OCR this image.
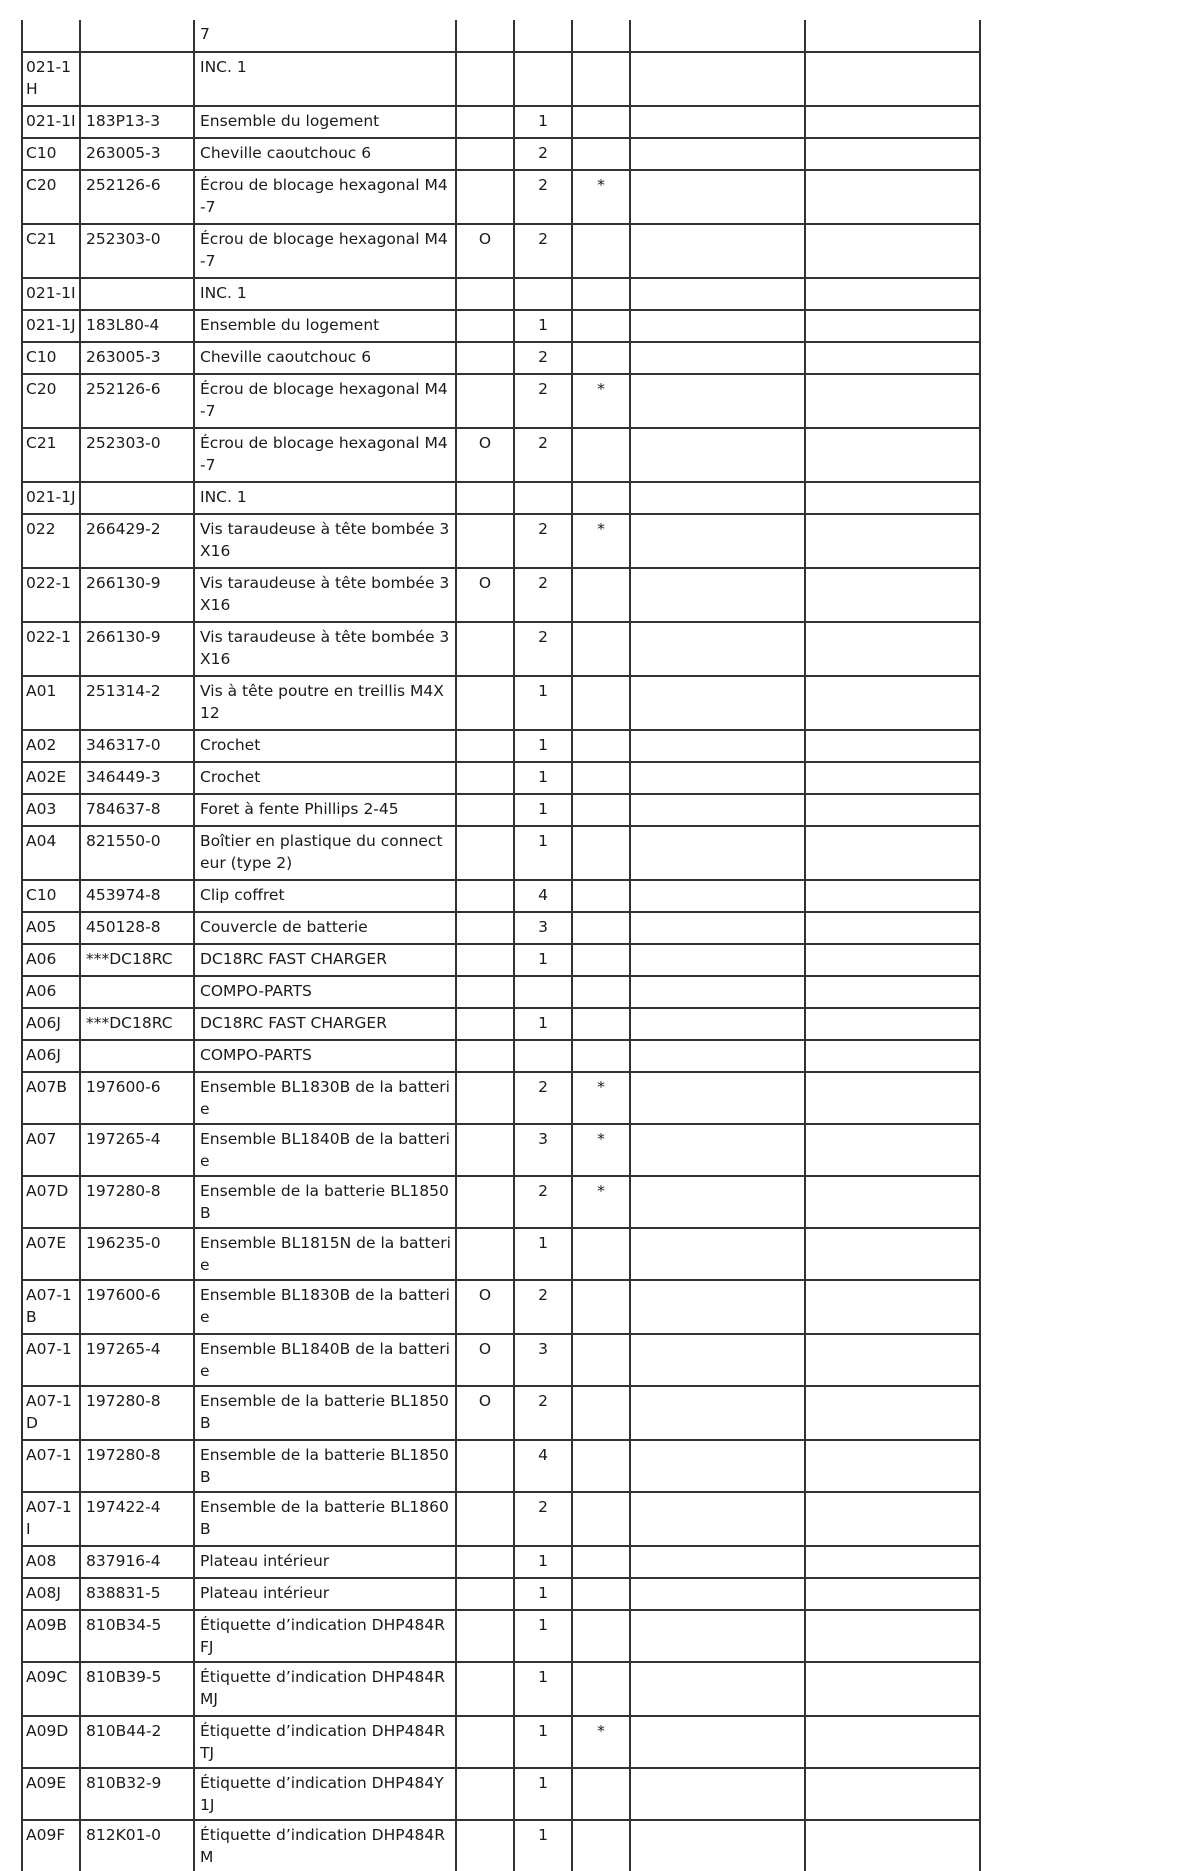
		7					
021-1H		INC. 1					
021-1I	183P13-3	Ensemble du logement		1			
C10	263005-3	Cheville caoutchouc 6		2			
C20	252126-6	Écrou de blocage hexagonal M4-7		2	*		
C21	252303-0	Écrou de blocage hexagonal M4-7	O	2			
021-1I		INC. 1					
021-1J	183L80-4	Ensemble du logement		1			
C10	263005-3	Cheville caoutchouc 6		2			
C20	252126-6	Écrou de blocage hexagonal M4-7		2	*		
C21	252303-0	Écrou de blocage hexagonal M4-7	O	2			
021-1J		INC. 1					
022	266429-2	Vis taraudeuse à tête bombée 3X16		2	*		
022-1	266130-9	Vis taraudeuse à tête bombée 3X16	O	2			
022-1	266130-9	Vis taraudeuse à tête bombée 3X16		2			
A01	251314-2	Vis à tête poutre en treillis M4X12		1			
A02	346317-0	Crochet		1			
A02E	346449-3	Crochet		1			
A03	784637-8	Foret à fente Phillips 2-45		1			
A04	821550-0	Boîtier en plastique du connecteur (type 2)		1			
C10	453974-8	Clip coffret		4			
A05	450128-8	Couvercle de batterie		3			
A06	***DC18RC	DC18RC FAST CHARGER		1			
A06		COMPO-PARTS					
A06J	***DC18RC	DC18RC FAST CHARGER		1			
A06J		COMPO-PARTS					
A07B	197600-6	Ensemble BL1830B de la batterie		2	*		
A07	197265-4	Ensemble BL1840B de la batterie		3	*		
A07D	197280-8	Ensemble de la batterie BL1850B		2	*		
A07E	196235-0	Ensemble BL1815N de la batterie		1			
A07-1B	197600-6	Ensemble BL1830B de la batterie	O	2			
A07-1	197265-4	Ensemble BL1840B de la batterie	O	3			
A07-1D	197280-8	Ensemble de la batterie BL1850B	O	2			
A07-1	197280-8	Ensemble de la batterie BL1850B		4			
A07-1I	197422-4	Ensemble de la batterie BL1860B		2			
A08	837916-4	Plateau intérieur		1			
A08J	838831-5	Plateau intérieur		1			
A09B	810B34-5	Étiquette d’indication DHP484RFJ		1			
A09C	810B39-5	Étiquette d’indication DHP484RMJ		1			
A09D	810B44-2	Étiquette d’indication DHP484RTJ		1	*		
A09E	810B32-9	Étiquette d’indication DHP484Y1J		1			
A09F	812K01-0	Étiquette d’indication DHP484RM		1			
